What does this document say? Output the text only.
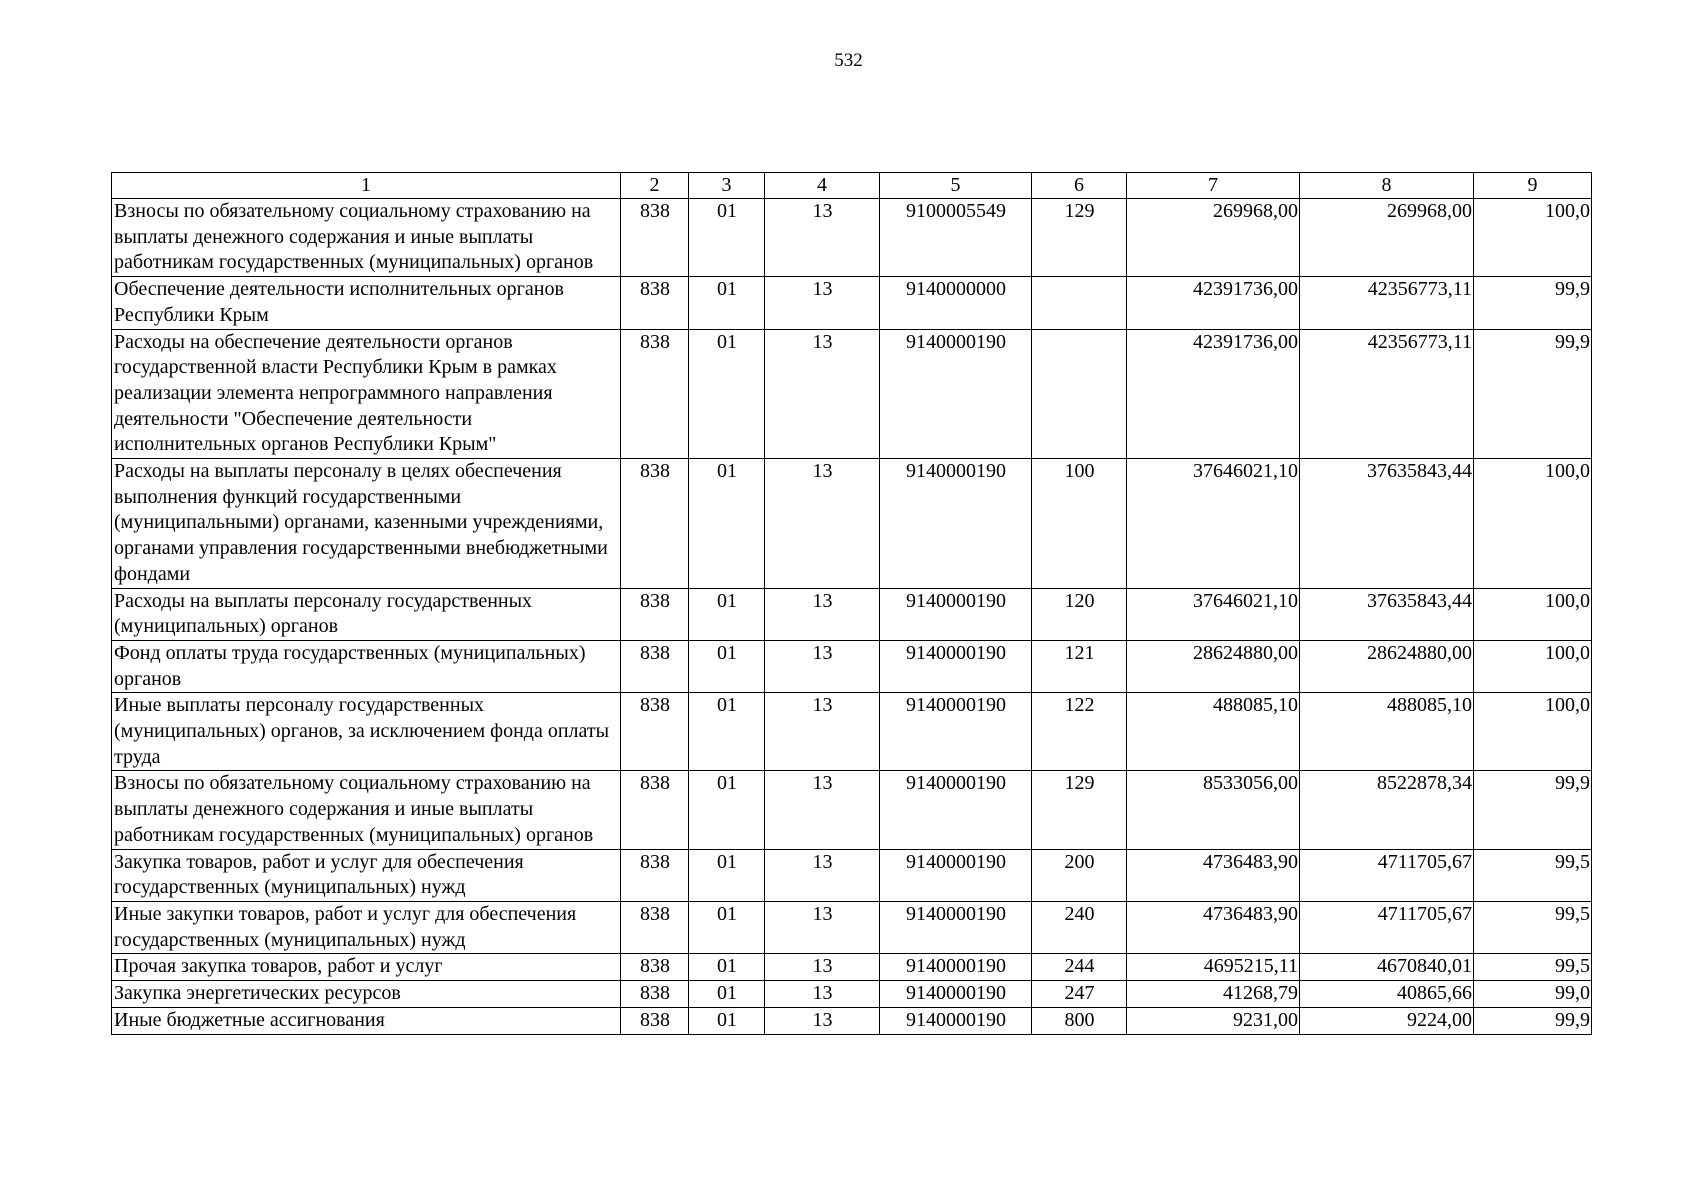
532
1	2	3	4	5	6	7	8	9
Взносы по обязательному социальному страхованию на выплаты денежного содержания и иные выплаты работникам государственных (муниципальных) органов	838	01	13	9100005549	129	269968,00	269968,00	100,0
Обеспечение деятельности исполнительных органов Республики Крым	838	01	13	9140000000		42391736,00	42356773,11	99,9
Расходы на обеспечение деятельности органов государственной власти Республики Крым в рамках реализации элемента непрограммного направления деятельности "Обеспечение деятельности исполнительных органов Республики Крым"	838	01	13	9140000190		42391736,00	42356773,11	99,9
Расходы на выплаты персоналу в целях обеспечения выполнения функций государственными (муниципальными) органами, казенными учреждениями, органами управления государственными внебюджетными фондами	838	01	13	9140000190	100	37646021,10	37635843,44	100,0
Расходы на выплаты персоналу государственных (муниципальных) органов	838	01	13	9140000190	120	37646021,10	37635843,44	100,0
Фонд оплаты труда государственных (муниципальных) органов	838	01	13	9140000190	121	28624880,00	28624880,00	100,0
Иные выплаты персоналу государственных (муниципальных) органов, за исключением фонда оплаты труда	838	01	13	9140000190	122	488085,10	488085,10	100,0
Взносы по обязательному социальному страхованию на выплаты денежного содержания и иные выплаты работникам государственных (муниципальных) органов	838	01	13	9140000190	129	8533056,00	8522878,34	99,9
Закупка товаров, работ и услуг для обеспечения государственных (муниципальных) нужд	838	01	13	9140000190	200	4736483,90	4711705,67	99,5
Иные закупки товаров, работ и услуг для обеспечения государственных (муниципальных) нужд	838	01	13	9140000190	240	4736483,90	4711705,67	99,5
Прочая закупка товаров, работ и услуг	838	01	13	9140000190	244	4695215,11	4670840,01	99,5
Закупка энергетических ресурсов	838	01	13	9140000190	247	41268,79	40865,66	99,0
Иные бюджетные ассигнования	838	01	13	9140000190	800	9231,00	9224,00	99,9
